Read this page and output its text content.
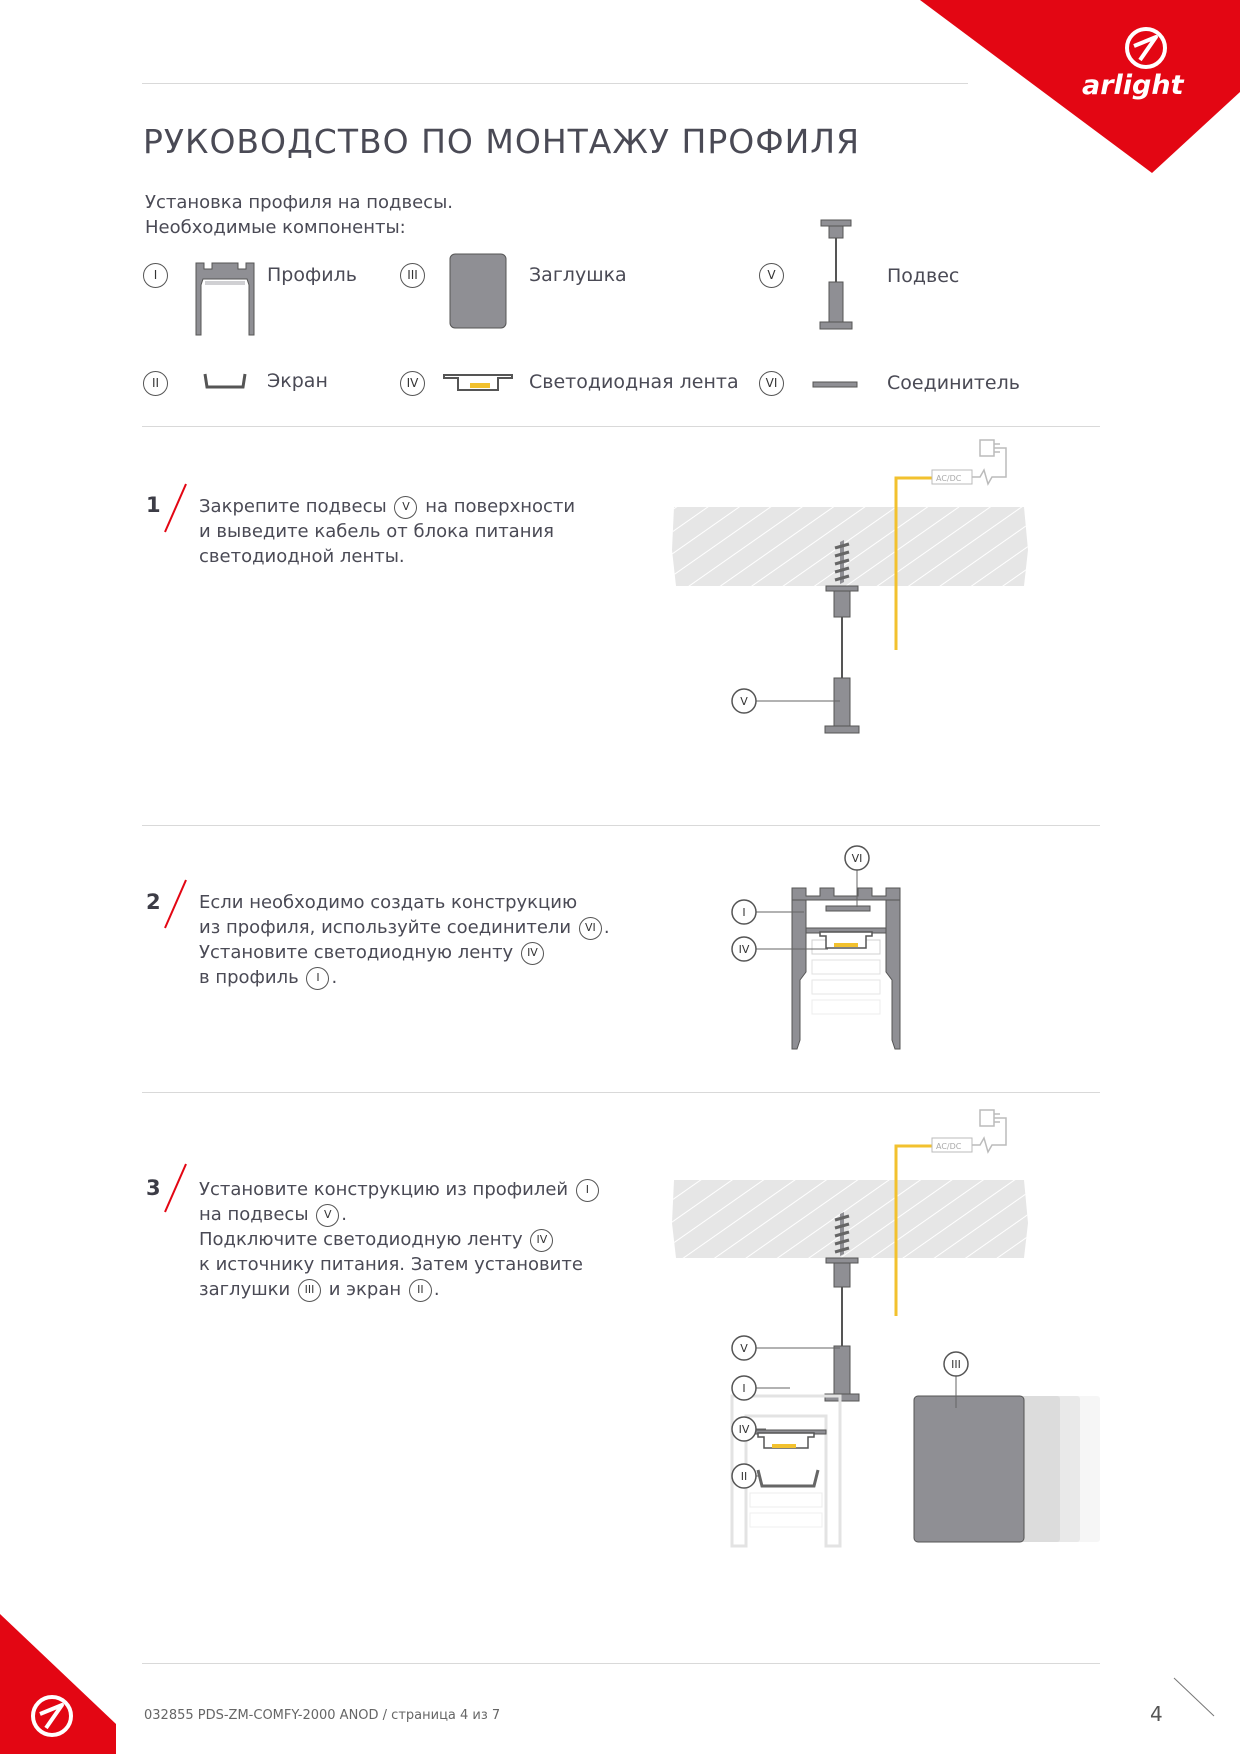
arlight
РУКОВОДСТВО ПО МОНТАЖУ ПРОФИЛЯ
Установка профиля на подвесы.
Необходимые компоненты:
I	Профиль
II	Экран
III	Заглушка
IV	Светодиодная лента
V	Подвес
VI	Соединитель
1 Закрепите подвесы V на поверхности
и выведите кабель от блока питания
светодиодной ленты.
AC/DC
V
2 Если необходимо создать конструкцию
из профиля, используйте соединители VI .
Установите светодиодную ленту IV
в профиль I .
VI
I
IV
3 Установите конструкцию из профилей I
на подвесы V .
Подключите светодиодную ленту IV
к источнику питания. Затем установите
заглушки III и экран II .
AC/DC
V
I
IV
II
III
032855 PDS-ZM-COMFY-2000 ANOD / страница 4 из 7	4
